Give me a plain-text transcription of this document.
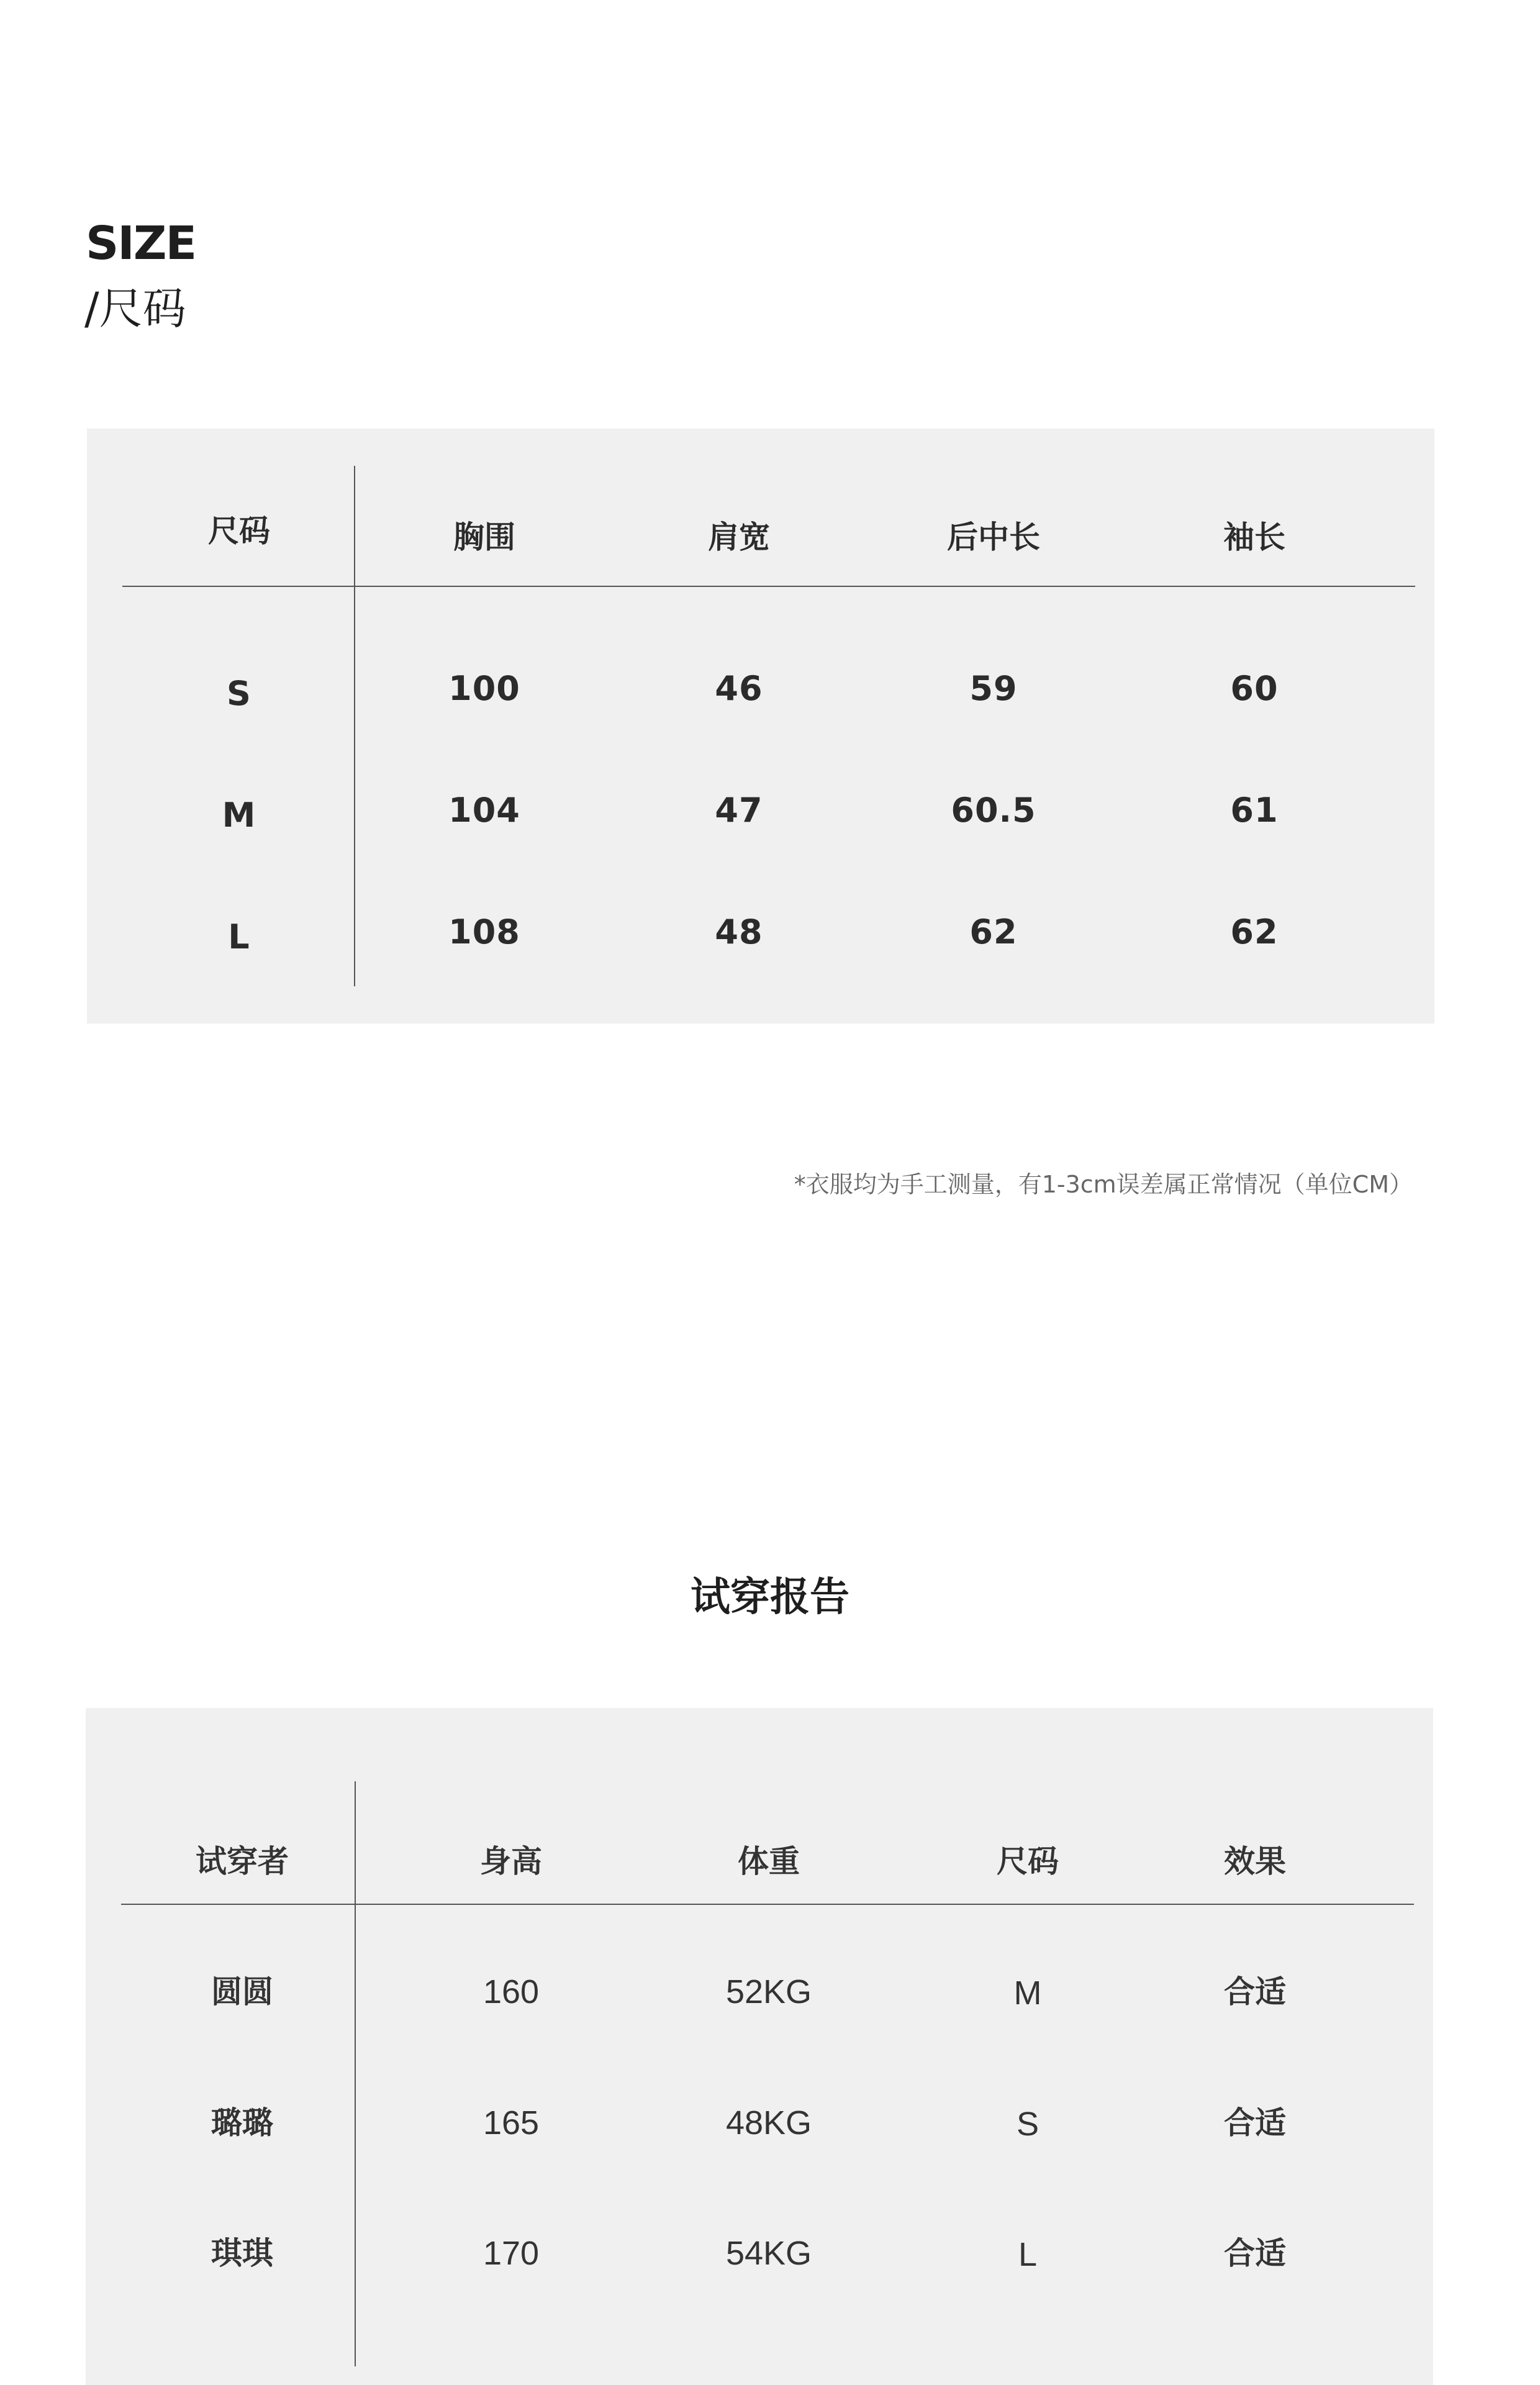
SIZE
/尺码
尺码	胸围	肩宽	后中长	袖长
S	100	46	59	60
M	104	47	60.5	61
L	108	48	62	62
*衣服均为手工测量，有1-3cm误差属正常情况（单位CM）
试穿报告
试穿者	身高	体重	尺码	效果
圆圆	160	52KG	M	合适
璐璐	165	48KG	S	合适
琪琪	170	54KG	L	合适
